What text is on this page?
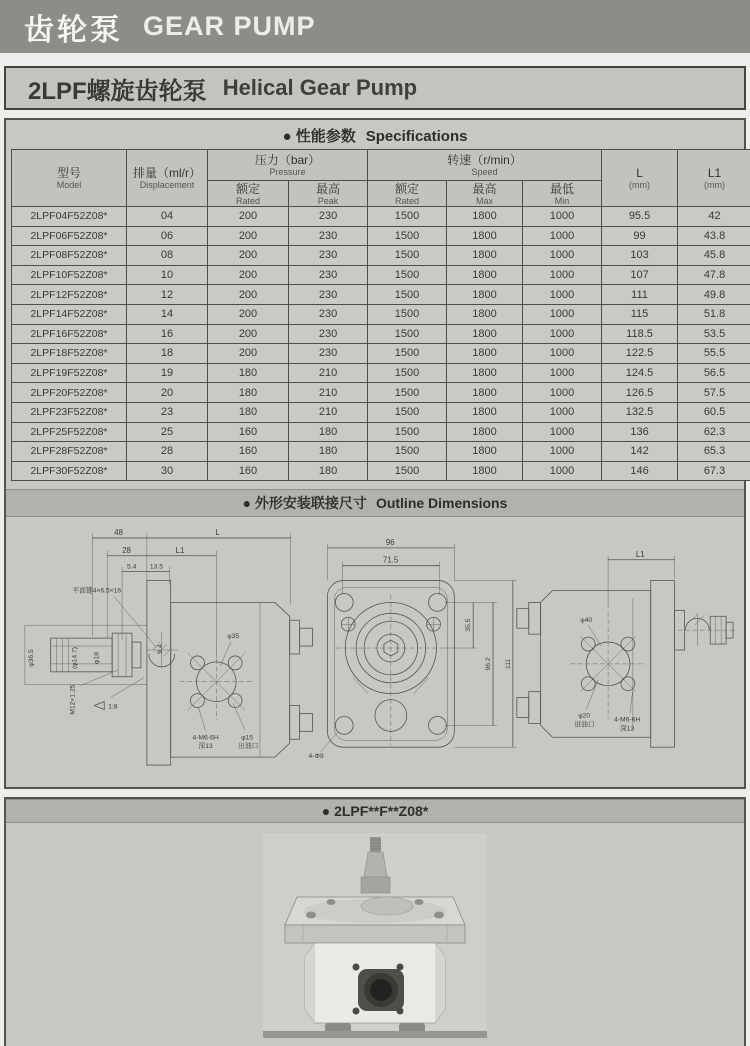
齿轮泵 GEAR PUMP
2LPF螺旋齿轮泵 Helical Gear Pump
● 性能参数 Specifications
型号
Model

排量（ml/r）
Displacement

压力（bar）
Pressure

转速（r/min）
Speed	L
(mm)

L1
(mm)

额定
Rated

最高
Peak

额定
Rated

最高
Max

最低
Min

2LPF04F52Z08*	04	200	230	1500	1800	1000	95.5	42
2LPF06F52Z08*	06	200	230	1500	1800	1000	99	43.8
2LPF08F52Z08*	08	200	230	1500	1800	1000	103	45.8
2LPF10F52Z08*	10	200	230	1500	1800	1000	107	47.8
2LPF12F52Z08*	12	200	230	1500	1800	1000	111	49.8
2LPF14F52Z08*	14	200	230	1500	1800	1000	115	51.8
2LPF16F52Z08*	16	200	230	1500	1800	1000	118.5	53.5
2LPF18F52Z08*	18	200	230	1500	1800	1000	122.5	55.5
2LPF19F52Z08*	19	180	210	1500	1800	1000	124.5	56.5
2LPF20F52Z08*	20	180	210	1500	1800	1000	126.5	57.5
2LPF23F52Z08*	23	180	210	1500	1800	1000	132.5	60.5
2LPF25F52Z08*	25	160	180	1500	1800	1000	136	62.3
2LPF28F52Z08*	28	160	180	1500	1800	1000	142	65.3
2LPF30F52Z08*	30	160	180	1500	1800	1000	146	67.3
● 外形安装联接尺寸 Outline Dimensions
48	L
28	L1
5.4 13.5
φ36.5	(φ14.7) φ18
9.4
M12×1.25	1:8
平面键4×6.5×16
φ35
4-M6-6H
深13
φ15
出油口
96
71.5
35.5
96.2 111
4-Φ9
L1
φ40
φ20
进油口
4-M6-6H
深13
● 2LPF**F**Z08*
